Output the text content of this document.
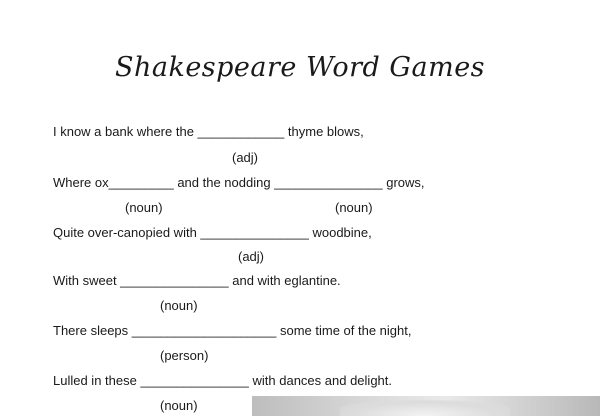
Shakespeare Word Games
I know a bank where the ____________ thyme blows,
(adj)
Where ox_________ and the nodding _______________ grows,
(noun)	(noun)
Quite over-canopied with _______________ woodbine,
(adj)
With sweet _______________ and with eglantine.
(noun)
There sleeps ____________________ some time of the night,
(person)
Lulled in these _______________ with dances and delight.
(noun)
